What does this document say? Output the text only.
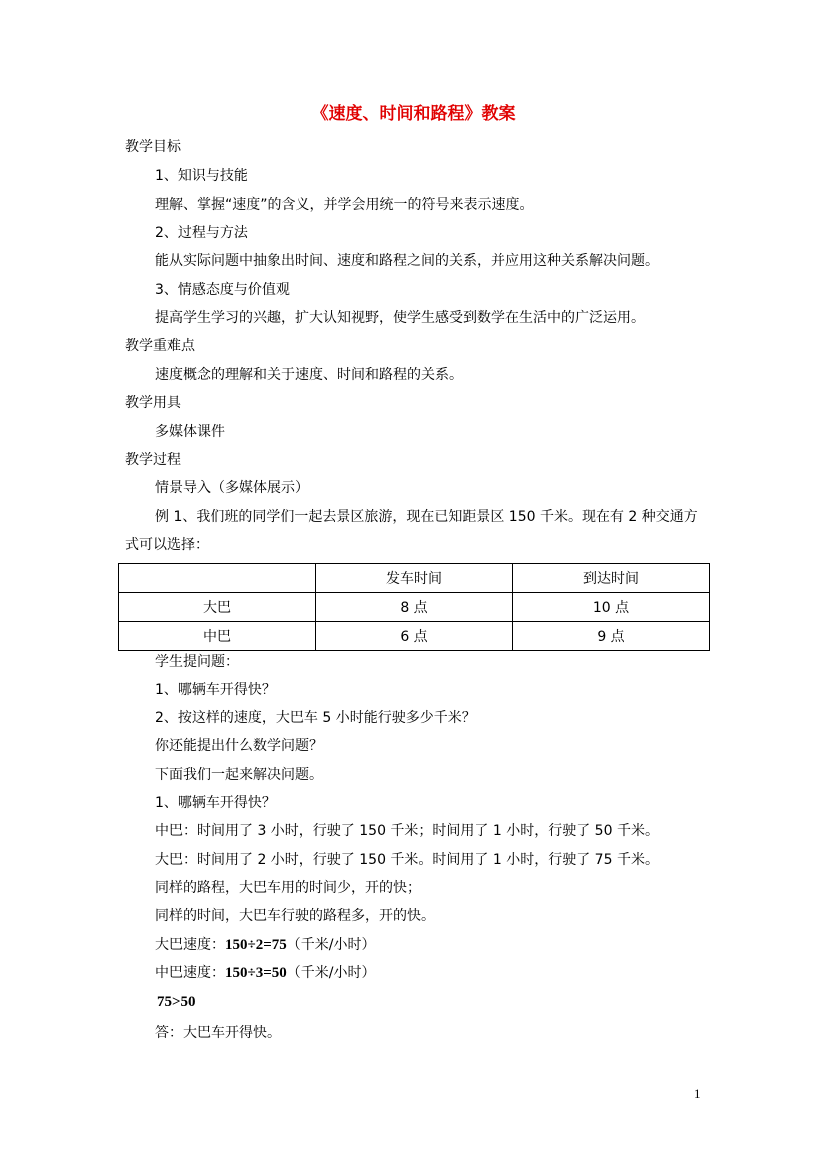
《速度、时间和路程》教案
教学目标
1、知识与技能
理解、掌握“速度”的含义，并学会用统一的符号来表示速度。
2、过程与方法
能从实际问题中抽象出时间、速度和路程之间的关系，并应用这种关系解决问题。
3、情感态度与价值观
提高学生学习的兴趣，扩大认知视野，使学生感受到数学在生活中的广泛运用。
教学重难点
速度概念的理解和关于速度、时间和路程的关系。
教学用具
多媒体课件
教学过程
情景导入（多媒体展示）
例 1、我们班的同学们一起去景区旅游，现在已知距景区 150 千米。现在有 2 种交通方
式可以选择：
	发车时间	到达时间
大巴	8 点	10 点
中巴	6 点	9 点
学生提问题：
1、哪辆车开得快？
2、按这样的速度，大巴车 5 小时能行驶多少千米？
你还能提出什么数学问题？
下面我们一起来解决问题。
1、哪辆车开得快？
中巴：时间用了 3 小时，行驶了 150 千米；时间用了 1 小时，行驶了 50 千米。
大巴：时间用了 2 小时，行驶了 150 千米。时间用了 1 小时，行驶了 75 千米。
同样的路程，大巴车用的时间少，开的快；
同样的时间，大巴车行驶的路程多，开的快。
大巴速度：150÷2=75（千米/小时）
中巴速度：150÷3=50（千米/小时）
75>50
答：大巴车开得快。
1
